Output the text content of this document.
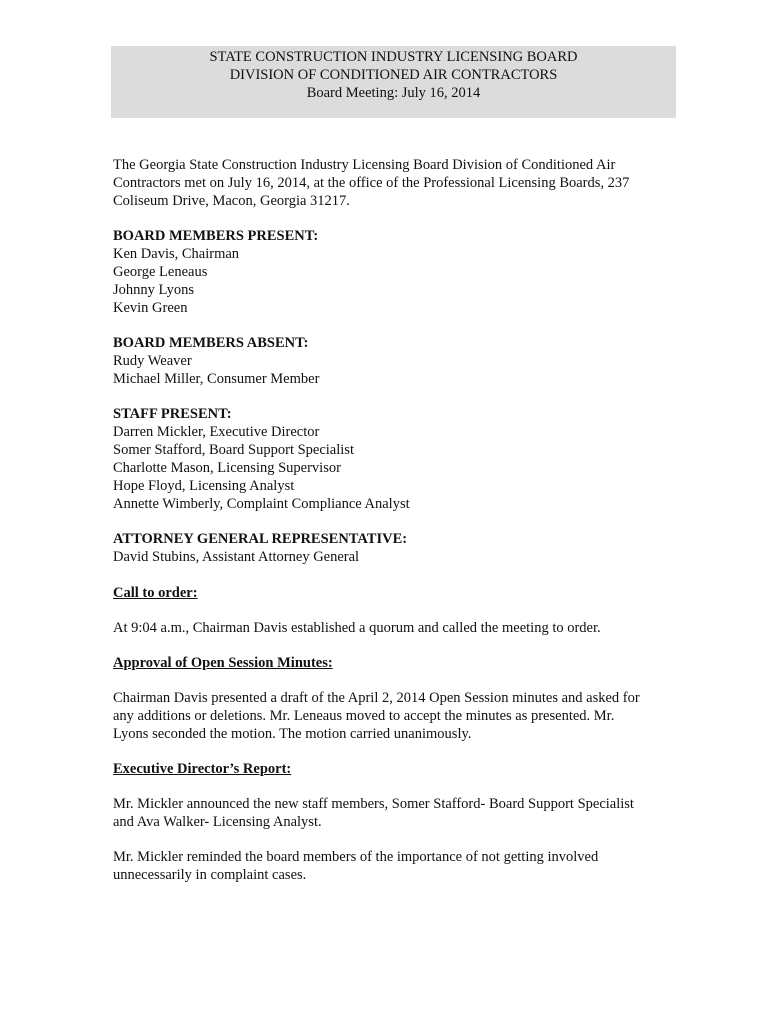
STATE CONSTRUCTION INDUSTRY LICENSING BOARD
DIVISION OF CONDITIONED AIR CONTRACTORS
Board Meeting: July 16, 2014

The Georgia State Construction Industry Licensing Board Division of Conditioned Air
Contractors met on July 16, 2014, at the office of the Professional Licensing Boards, 237
Coliseum Drive, Macon, Georgia 31217.

BOARD MEMBERS PRESENT:

Ken Davis, Chairman
George Leneaus
Johnny Lyons
Kevin Green

BOARD MEMBERS ABSENT:

Rudy Weaver
Michael Miller, Consumer Member

STAFF PRESENT:

Darren Mickler, Executive Director
Somer Stafford, Board Support Specialist
Charlotte Mason, Licensing Supervisor
Hope Floyd, Licensing Analyst
Annette Wimberly, Complaint Compliance Analyst

ATTORNEY GENERAL REPRESENTATIVE:

David Stubins, Assistant Attorney General

Call to order:

At 9:04 a.m., Chairman Davis established a quorum and called the meeting to order.

Approval of Open Session Minutes:

Chairman Davis presented a draft of the April 2, 2014 Open Session minutes and asked for
any additions or deletions. Mr. Leneaus moved to accept the minutes as presented. Mr.
Lyons seconded the motion. The motion carried unanimously.

Executive Director’s Report:

Mr. Mickler announced the new staff members, Somer Stafford- Board Support Specialist
and Ava Walker- Licensing Analyst.
Mr. Mickler reminded the board members of the importance of not getting involved
unnecessarily in complaint cases.
